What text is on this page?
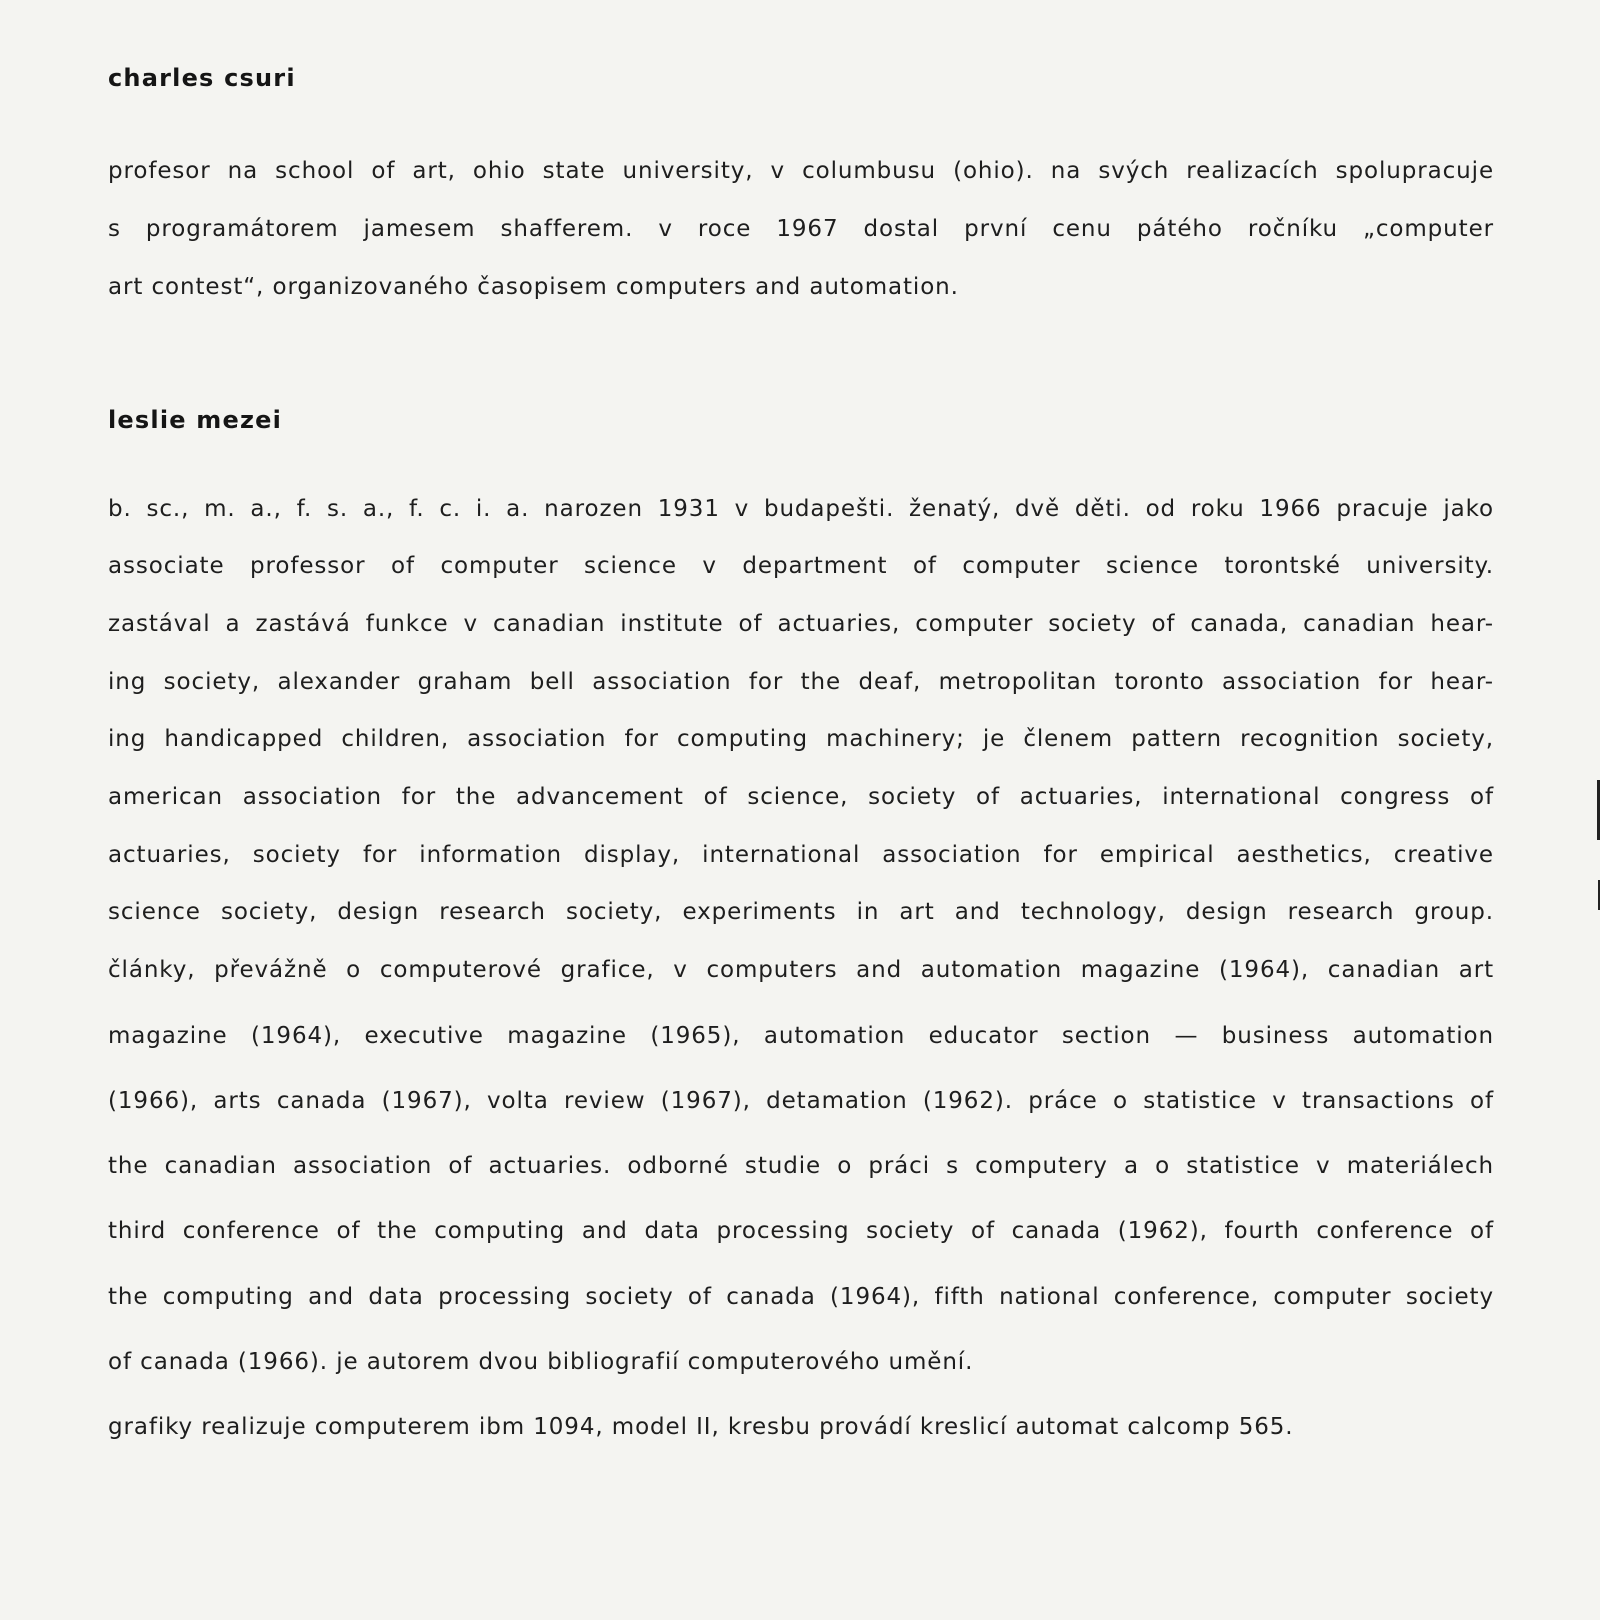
charles csuri

profesor na school of art, ohio state university, v columbusu (ohio). na svých realizacích spolupracuje

s programátorem jamesem shafferem. v roce 1967 dostal první cenu pátého ročníku „computer

art contest“, organizovaného časopisem computers and automation.

leslie mezei

b. sc., m. a., f. s. a., f. c. i. a. narozen 1931 v budapešti. ženatý, dvě děti. od roku 1966 pracuje jako

associate professor of computer science v department of computer science torontské university.

zastával a zastává funkce v canadian institute of actuaries, computer society of canada, canadian hear-

ing society, alexander graham bell association for the deaf, metropolitan toronto association for hear-

ing handicapped children, association for computing machinery; je členem pattern recognition society,

american association for the advancement of science, society of actuaries, international congress of

actuaries, society for information display, international association for empirical aesthetics, creative

science society, design research society, experiments in art and technology, design research group.

články, převážně o computerové grafice, v computers and automation magazine (1964), canadian art

magazine (1964), executive magazine (1965), automation educator section — business automation

(1966), arts canada (1967), volta review (1967), detamation (1962). práce o statistice v transactions of

the canadian association of actuaries. odborné studie o práci s computery a o statistice v materiálech

third conference of the computing and data processing society of canada (1962), fourth conference of

the computing and data processing society of canada (1964), fifth national conference, computer society

of canada (1966). je autorem dvou bibliografií computerového umění.

grafiky realizuje computerem ibm 1094, model II, kresbu provádí kreslicí automat calcomp 565.
